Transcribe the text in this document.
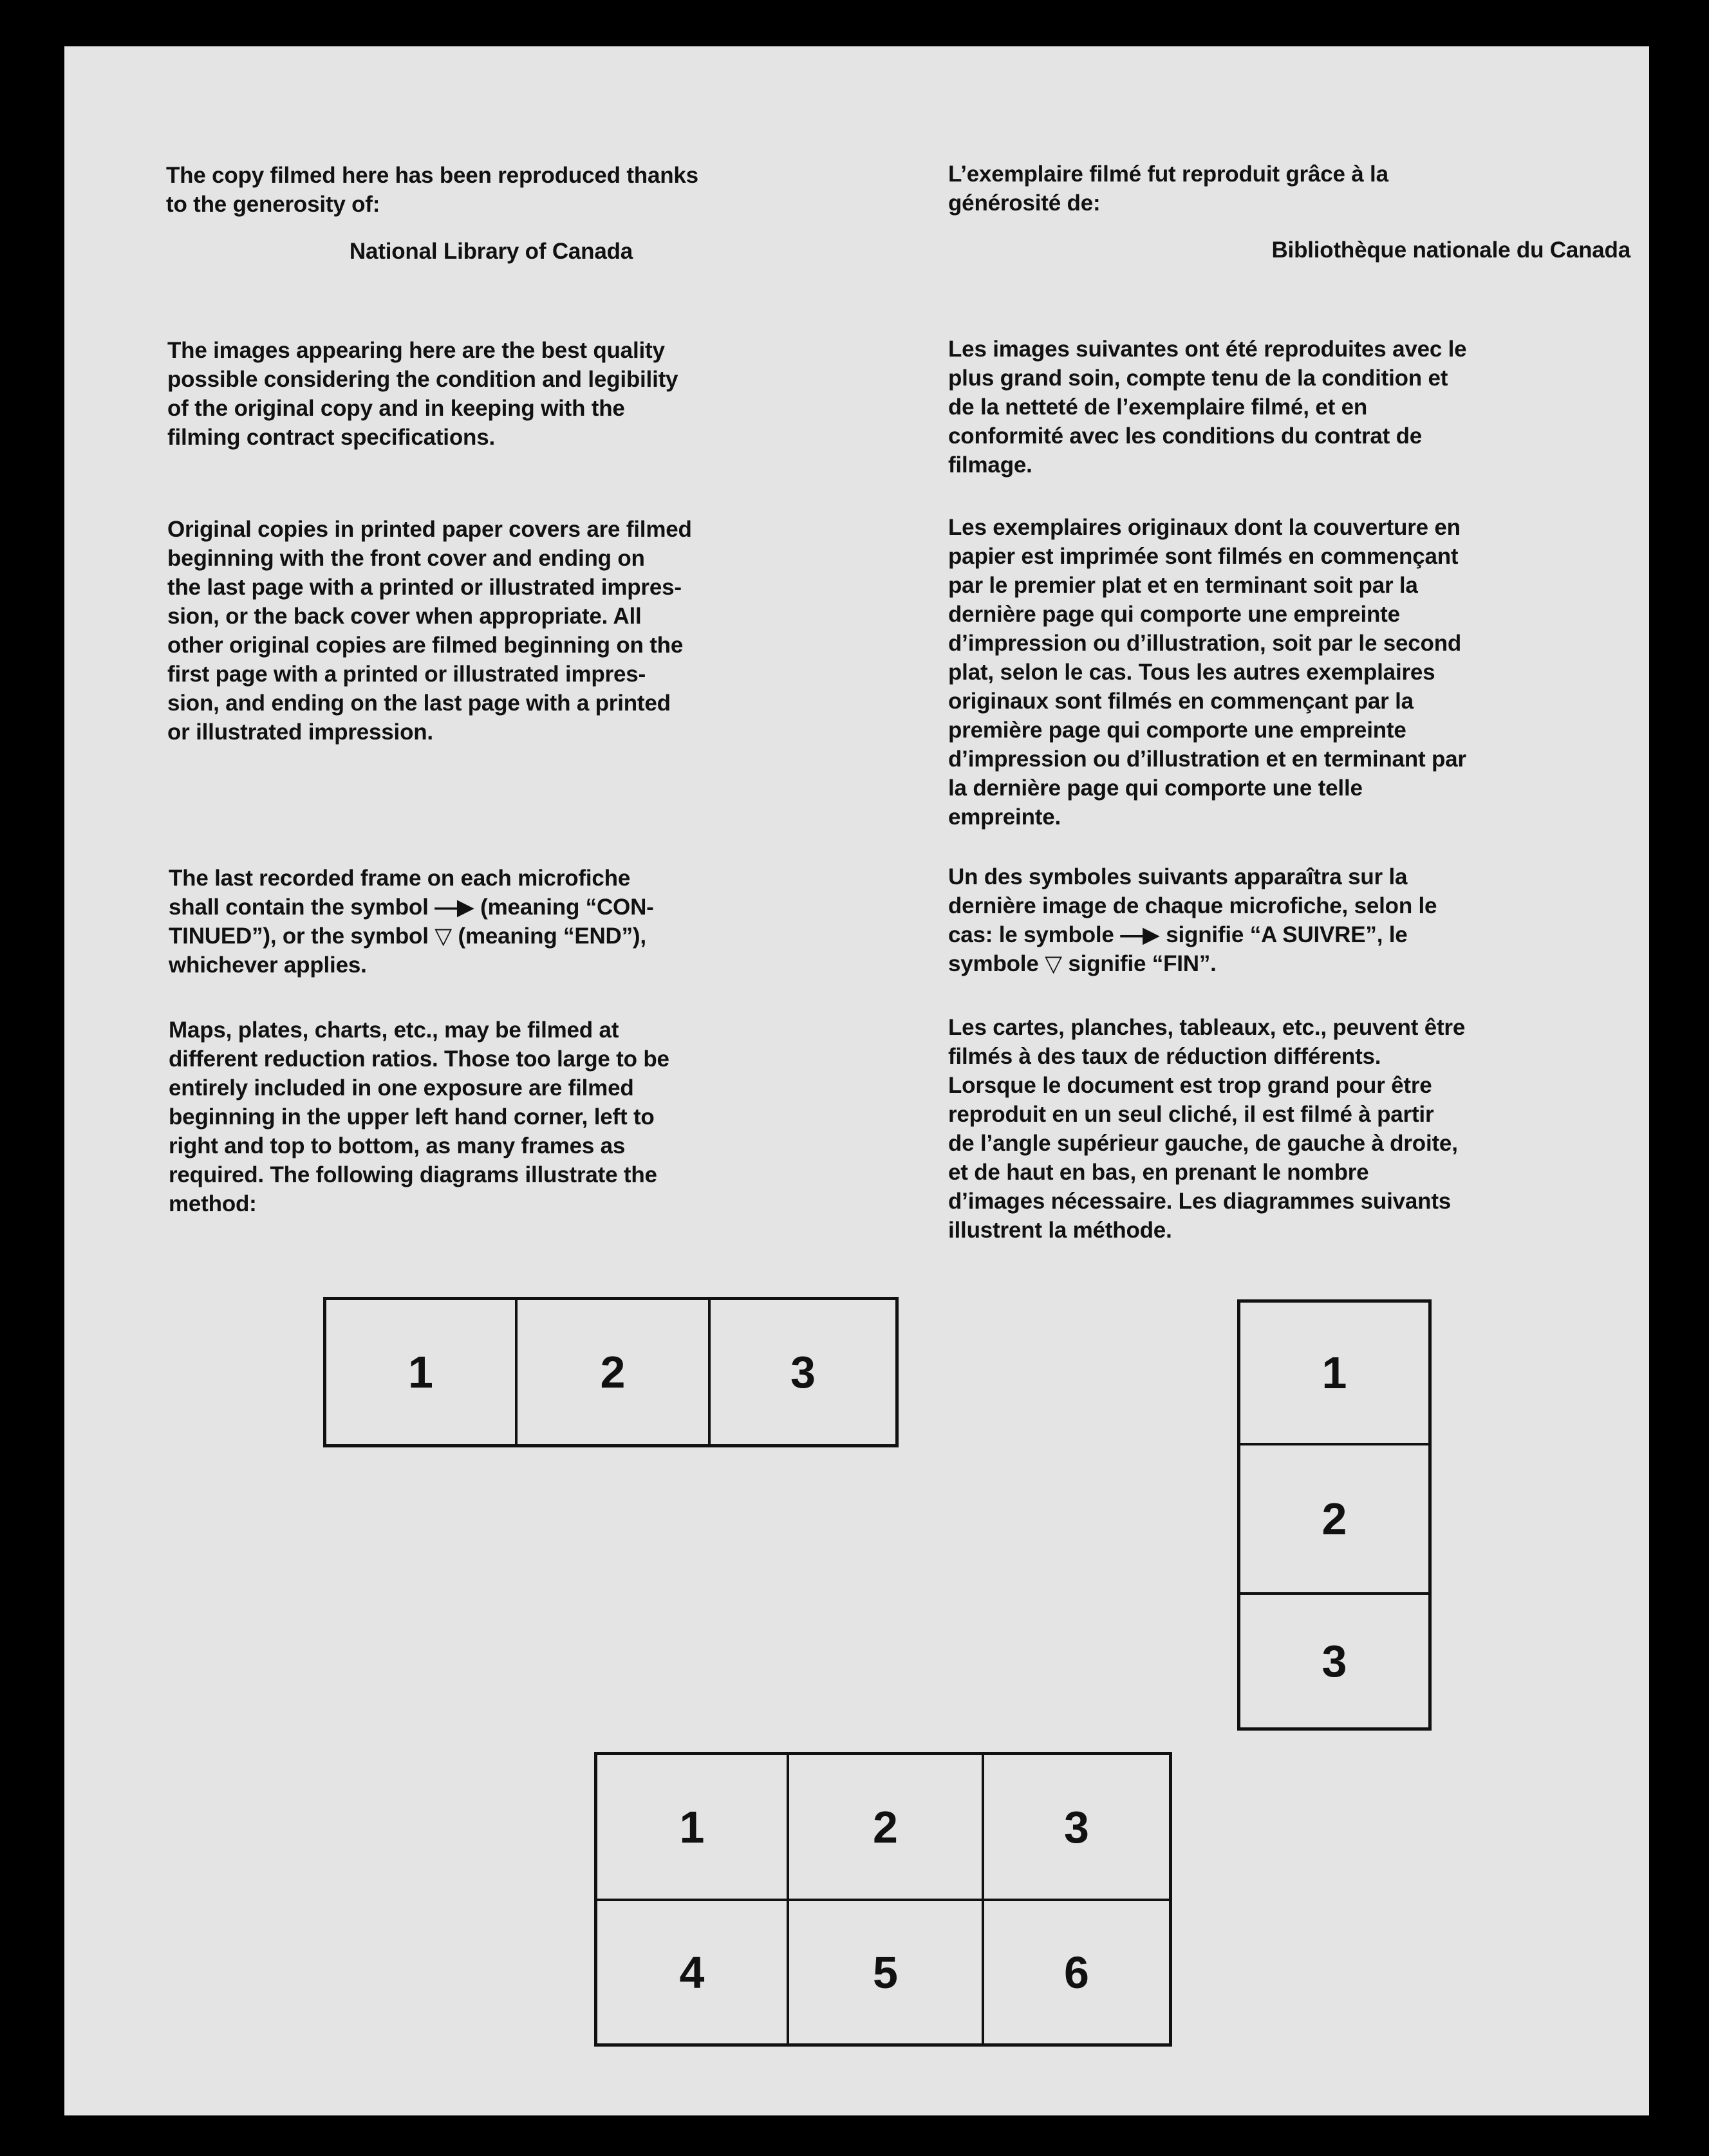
The copy filmed here has been reproduced thanks
to the generosity of:

National Library of Canada

The images appearing here are the best quality
possible considering the condition and legibility
of the original copy and in keeping with the
filming contract specifications.

Original copies in printed paper covers are filmed
beginning with the front cover and ending on
the last page with a printed or illustrated impres-
sion, or the back cover when appropriate. All
other original copies are filmed beginning on the
first page with a printed or illustrated impres-
sion, and ending on the last page with a printed
or illustrated impression.

The last recorded frame on each microfiche
shall contain the symbol —▶ (meaning “CON-
TINUED”), or the symbol ▽ (meaning “END”),
whichever applies.

Maps, plates, charts, etc., may be filmed at
different reduction ratios. Those too large to be
entirely included in one exposure are filmed
beginning in the upper left hand corner, left to
right and top to bottom, as many frames as
required. The following diagrams illustrate the
method:

L’exemplaire filmé fut reproduit grâce à la
générosité de:

Bibliothèque nationale du Canada

Les images suivantes ont été reproduites avec le
plus grand soin, compte tenu de la condition et
de la netteté de l’exemplaire filmé, et en
conformité avec les conditions du contrat de
filmage.

Les exemplaires originaux dont la couverture en
papier est imprimée sont filmés en commençant
par le premier plat et en terminant soit par la
dernière page qui comporte une empreinte
d’impression ou d’illustration, soit par le second
plat, selon le cas. Tous les autres exemplaires
originaux sont filmés en commençant par la
première page qui comporte une empreinte
d’impression ou d’illustration et en terminant par
la dernière page qui comporte une telle
empreinte.

Un des symboles suivants apparaîtra sur la
dernière image de chaque microfiche, selon le
cas: le symbole —▶ signifie “A SUIVRE”, le
symbole ▽ signifie “FIN”.

Les cartes, planches, tableaux, etc., peuvent être
filmés à des taux de réduction différents.
Lorsque le document est trop grand pour être
reproduit en un seul cliché, il est filmé à partir
de l’angle supérieur gauche, de gauche à droite,
et de haut en bas, en prenant le nombre
d’images nécessaire. Les diagrammes suivants
illustrent la méthode.

1	2	3	1
2
3
1	2	3
4	5	6
